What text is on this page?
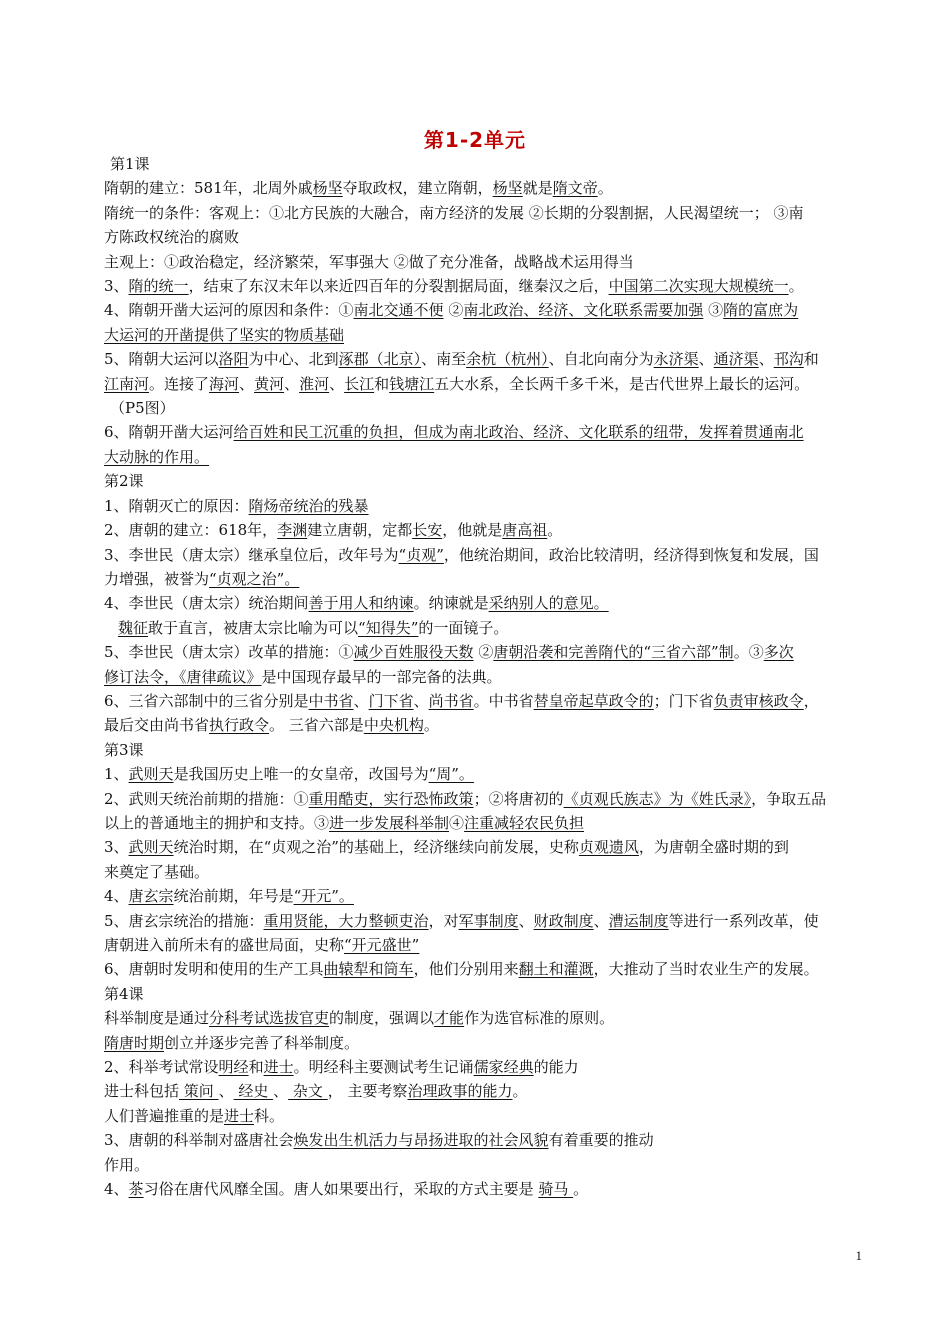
第1-2单元
第1课
隋朝的建立：581年，北周外戚杨坚夺取政权，建立隋朝，杨坚就是隋文帝。
隋统一的条件：客观上：①北方民族的大融合，南方经济的发展 ②长期的分裂割据，人民渴望统一； ③南
方陈政权统治的腐败
主观上：①政治稳定，经济繁荣，军事强大 ②做了充分准备，战略战术运用得当
3、隋的统一，结束了东汉末年以来近四百年的分裂割据局面，继秦汉之后，中国第二次实现大规模统一。
4、隋朝开凿大运河的原因和条件：①南北交通不便 ②南北政治、经济、文化联系需要加强 ③隋的富庶为
大运河的开凿提供了坚实的物质基础
5、隋朝大运河以洛阳为中心、北到涿郡（北京）、南至余杭（杭州）、自北向南分为永济渠、通济渠、邗沟和
江南河。连接了海河、黄河、淮河、长江和钱塘江五大水系，全长两千多千米，是古代世界上最长的运河。
（P5图）
6、隋朝开凿大运河给百姓和民工沉重的负担，但成为南北政治、经济、文化联系的纽带，发挥着贯通南北
大动脉的作用。
第2课
1、隋朝灭亡的原因：隋炀帝统治的残暴
2、唐朝的建立：618年，李渊建立唐朝，定都长安，他就是唐高祖。
3、李世民（唐太宗）继承皇位后，改年号为“贞观”，他统治期间，政治比较清明，经济得到恢复和发展，国
力增强，被誉为“贞观之治”。
4、李世民（唐太宗）统治期间善于用人和纳谏。纳谏就是采纳别人的意见。
魏征敢于直言，被唐太宗比喻为可以“知得失”的一面镜子。
5、李世民（唐太宗）改革的措施：①减少百姓服役天数 ②唐朝沿袭和完善隋代的“三省六部”制。③多次
修订法令，《唐律疏议》是中国现存最早的一部完备的法典。
6、三省六部制中的三省分别是中书省、门下省、尚书省。中书省替皇帝起草政令的；门下省负责审核政令，
最后交由尚书省执行政令。 三省六部是中央机构。
第3课
1、武则天是我国历史上唯一的女皇帝，改国号为“周”。
2、武则天统治前期的措施：①重用酷吏，实行恐怖政策；②将唐初的《贞观氏族志》为《姓氏录》，争取五品
以上的普通地主的拥护和支持。③进一步发展科举制④注重减轻农民负担
3、武则天统治时期，在“贞观之治”的基础上，经济继续向前发展，史称贞观遗风，为唐朝全盛时期的到
来奠定了基础。
4、唐玄宗统治前期，年号是“开元”。
5、唐玄宗统治的措施：重用贤能，大力整顿吏治，对军事制度、财政制度、漕运制度等进行一系列改革，使
唐朝进入前所未有的盛世局面，史称“开元盛世”
6、唐朝时发明和使用的生产工具曲辕犁和筒车，他们分别用来翻土和灌溉，大推动了当时农业生产的发展。
第4课
科举制度是通过分科考试选拔官吏的制度，强调以才能作为选官标准的原则。
隋唐时期创立并逐步完善了科举制度。
2、科举考试常设明经和进士。明经科主要测试考生记诵儒家经典的能力
进士科包括 策问 、 经史 、 杂文 ， 主要考察治理政事的能力。
人们普遍推重的是进士科。
3、唐朝的科举制对盛唐社会焕发出生机活力与昂扬进取的社会风貌有着重要的推动
作用。
4、茶习俗在唐代风靡全国。唐人如果要出行，采取的方式主要是 骑马 。
1
